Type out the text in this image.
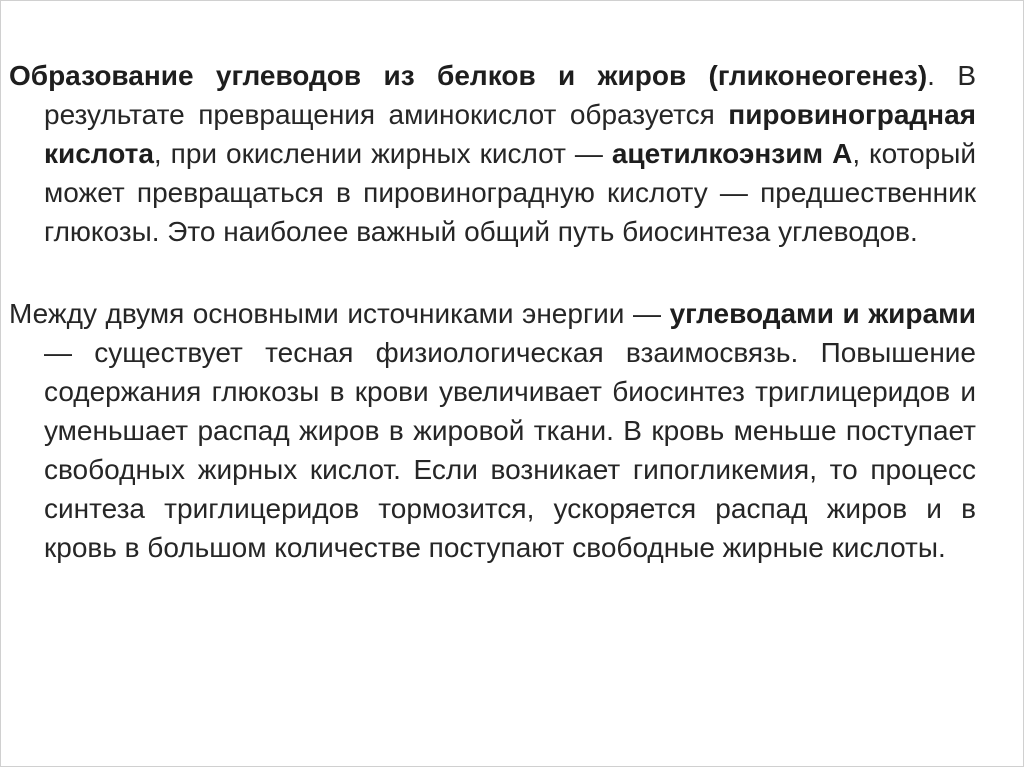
Образование углеводов из белков и жиров (гликонеогенез). В результате превращения аминокислот образуется пировиноградная кислота, при окислении жирных кислот — ацетилкоэнзим А, который может превращаться в пировиноградную кислоту — предшественник глюкозы. Это наиболее важный общий путь биосинтеза углеводов.

Между двумя основными источниками энергии — углеводами и жирами — существует тесная физиологическая взаимосвязь. Повышение содержания глюкозы в крови увеличивает биосинтез триглицеридов и уменьшает распад жиров в жировой ткани. В кровь меньше поступает свободных жирных кислот. Если возникает гипогликемия, то процесс синтеза триглицеридов тормозится, ускоряется распад жиров и в кровь в большом количестве поступают свободные жирные кислоты.
